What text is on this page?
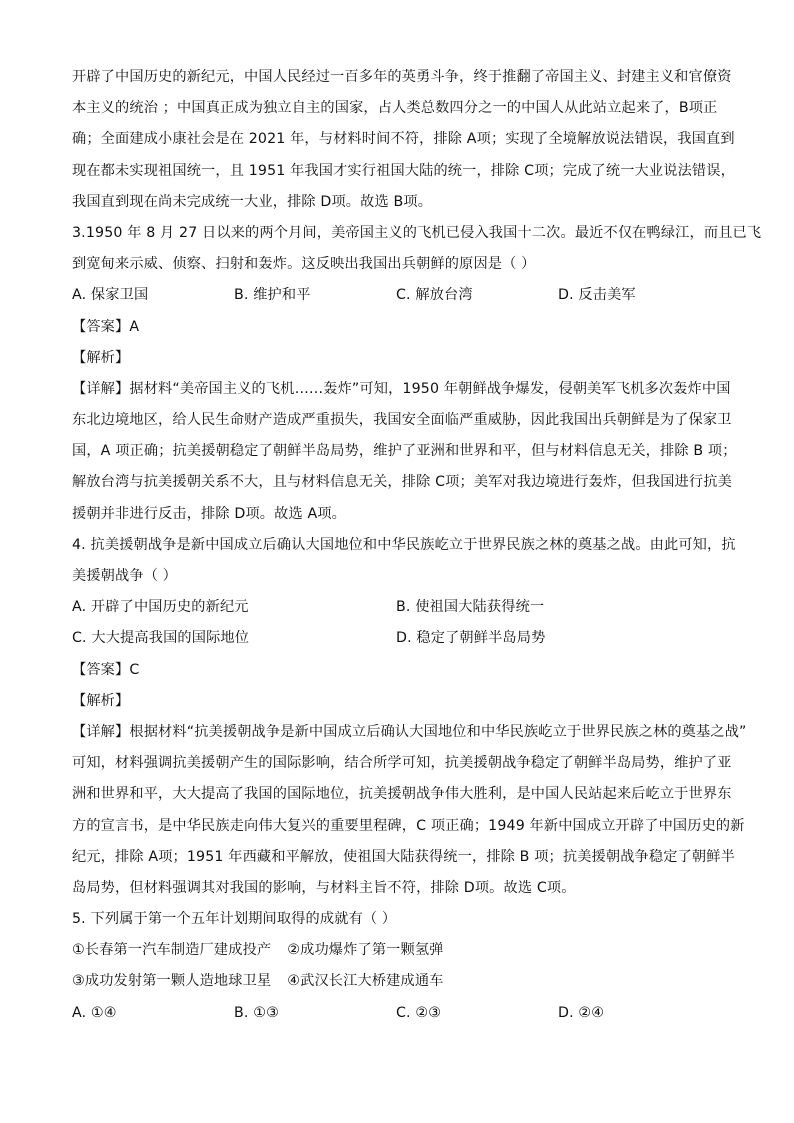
开辟了中国历史的新纪元，中国人民经过一百多年的英勇斗争，终于推翻了帝国主义、封建主义和官僚资
本主义的统治 ；中国真正成为独立自主的国家，占人类总数四分之一的中国人从此站立起来了，B项正
确；全面建成小康社会是在 2021 年，与材料时间不符，排除 A项；实现了全境解放说法错误，我国直到
现在都未实现祖国统一，且 1951 年我国才实行祖国大陆的统一，排除 C项；完成了统一大业说法错误，
我国直到现在尚未完成统一大业，排除 D项。故选 B项。
3.1950 年 8 月 27 日以来的两个月间，美帝国主义的飞机已侵入我国十二次。最近不仅在鸭绿江，而且已飞
到宽甸来示威、侦察、扫射和轰炸。这反映出我国出兵朝鲜的原因是（ ）
A. 保家卫国	B. 维护和平	C. 解放台湾	D. 反击美军
【答案】A
【解析】
【详解】据材料“美帝国主义的飞机……轰炸”可知，1950 年朝鲜战争爆发，侵朝美军飞机多次轰炸中国
东北边境地区，给人民生命财产造成严重损失，我国安全面临严重威胁，因此我国出兵朝鲜是为了保家卫
国，A 项正确；抗美援朝稳定了朝鲜半岛局势，维护了亚洲和世界和平，但与材料信息无关，排除 B 项；
解放台湾与抗美援朝关系不大，且与材料信息无关，排除 C项；美军对我边境进行轰炸，但我国进行抗美
援朝并非进行反击，排除 D项。故选 A项。
4. 抗美援朝战争是新中国成立后确认大国地位和中华民族屹立于世界民族之林的奠基之战。由此可知，抗
美援朝战争（ ）
A. 开辟了中国历史的新纪元	B. 使祖国大陆获得统一
C. 大大提高我国的国际地位	D. 稳定了朝鲜半岛局势
【答案】C
【解析】
【详解】根据材料“抗美援朝战争是新中国成立后确认大国地位和中华民族屹立于世界民族之林的奠基之战”
可知，材料强调抗美援朝产生的国际影响，结合所学可知，抗美援朝战争稳定了朝鲜半岛局势，维护了亚
洲和世界和平，大大提高了我国的国际地位，抗美援朝战争伟大胜利，是中国人民站起来后屹立于世界东
方的宣言书，是中华民族走向伟大复兴的重要里程碑，C 项正确；1949 年新中国成立开辟了中国历史的新
纪元，排除 A项；1951 年西藏和平解放，使祖国大陆获得统一，排除 B 项；抗美援朝战争稳定了朝鲜半
岛局势，但材料强调其对我国的影响，与材料主旨不符，排除 D项。故选 C项。
5. 下列属于第一个五年计划期间取得的成就有（ ）
①长春第一汽车制造厂建成投产 ②成功爆炸了第一颗氢弹
③成功发射第一颗人造地球卫星 ④武汉长江大桥建成通车
A. ①④	B. ①③	C. ②③	D. ②④
